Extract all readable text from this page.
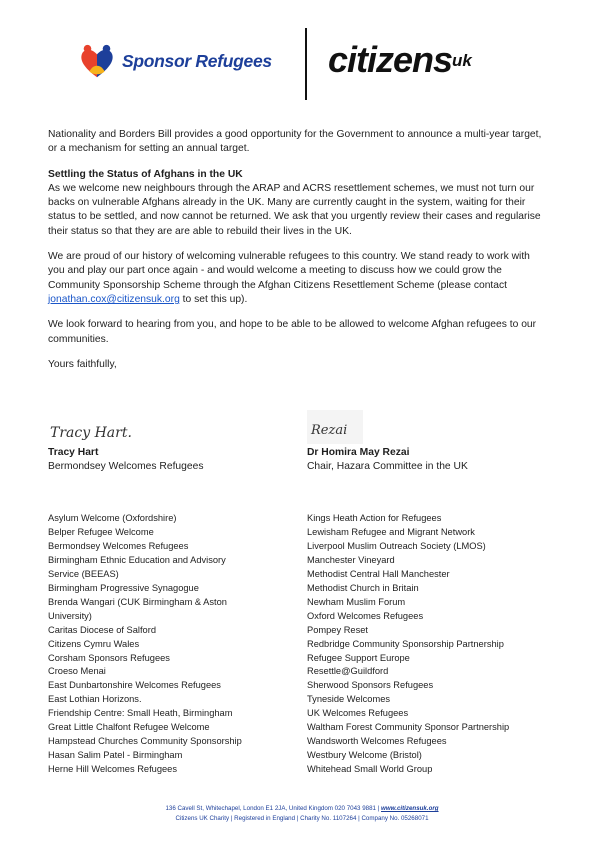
Sponsor Refugees citizensuk

Nationality and Borders Bill provides a good opportunity for the Government to announce a multi-year target, or a mechanism for setting an annual target.

Settling the Status of Afghans in the UK

As we welcome new neighbours through the ARAP and ACRS resettlement schemes, we must not turn our backs on vulnerable Afghans already in the UK. Many are currently caught in the system, waiting for their status to be settled, and now cannot be returned. We ask that you urgently review their cases and regularise their status so that they are are able to rebuild their lives in the UK.

We are proud of our history of welcoming vulnerable refugees to this country. We stand ready to work with you and play our part once again - and would welcome a meeting to discuss how we could grow the Community Sponsorship Scheme through the Afghan Citizens Resettlement Scheme (please contact jonathan.cox@citizensuk.org to set this up).

We look forward to hearing from you, and hope to be able to be allowed to welcome Afghan refugees to our communities.

Yours faithfully,

Tracy Hart.
Tracy Hart
Bermondsey Welcomes Refugees
Rezai
Dr Homira May Rezai
Chair, Hazara Committee in the UK
Asylum Welcome (Oxfordshire)
Belper Refugee Welcome
Bermondsey Welcomes Refugees
Birmingham Ethnic Education and Advisory
Service (BEEAS)
Birmingham Progressive Synagogue
Brenda Wangari (CUK Birmingham & Aston
University)
Caritas Diocese of Salford
Citizens Cymru Wales
Corsham Sponsors Refugees
Croeso Menai
East Dunbartonshire Welcomes Refugees
East Lothian Horizons.
Friendship Centre: Small Heath, Birmingham
Great Little Chalfont Refugee Welcome
Hampstead Churches Community Sponsorship
Hasan Salim Patel - Birmingham
Herne Hill Welcomes Refugees
Kings Heath Action for Refugees
Lewisham Refugee and Migrant Network
Liverpool Muslim Outreach Society (LMOS)
Manchester Vineyard
Methodist Central Hall Manchester
Methodist Church in Britain
Newham Muslim Forum
Oxford Welcomes Refugees
Pompey Reset
Redbridge Community Sponsorship Partnership
Refugee Support Europe
Resettle@Guildford
Sherwood Sponsors Refugees
Tyneside Welcomes
UK Welcomes Refugees
Waltham Forest Community Sponsor Partnership
Wandsworth Welcomes Refugees
Westbury Welcome (Bristol)
Whitehead Small World Group
136 Cavell St, Whitechapel, London E1 2JA, United Kingdom 020 7043 9881 | www.citizensuk.org
Citizens UK Charity | Registered in England | Charity No. 1107264 | Company No. 05268071
